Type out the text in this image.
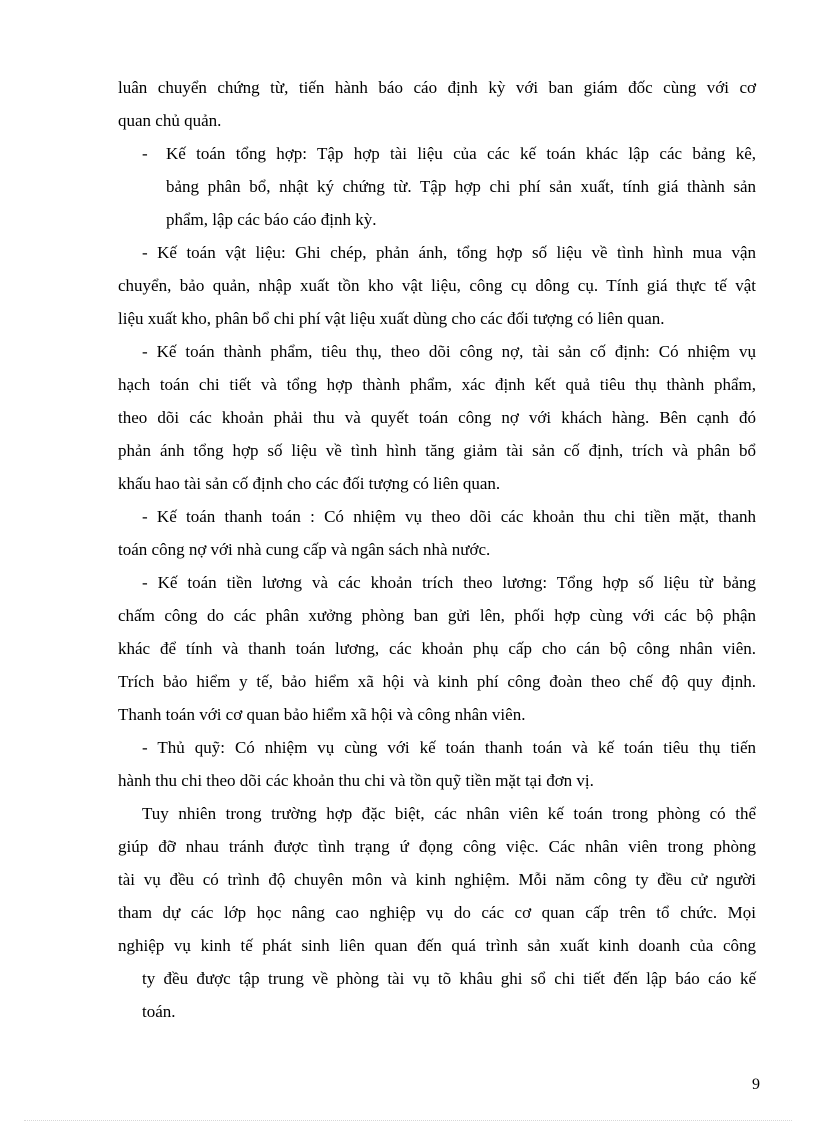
luân chuyển chứng từ, tiến hành báo cáo định kỳ với ban giám đốc cùng với cơ
quan chủ quản.
- Kế toán tổng hợp: Tập hợp tài liệu của các kế toán khác lập các bảng kê,
bảng phân bổ, nhật ký chứng từ. Tập hợp chi phí sản xuất, tính giá thành sản
phẩm, lập các báo cáo định kỳ.
- Kế toán vật liệu: Ghi chép, phản ánh, tổng hợp số liệu về tình hình mua vận
chuyển, bảo quản, nhập xuất tồn kho vật liệu, công cụ dông cụ. Tính giá thực tế vật
liệu xuất kho, phân bổ chi phí vật liệu xuất dùng cho các đối tượng có liên quan.
- Kế toán thành phẩm, tiêu thụ, theo dõi công nợ, tài sản cố định: Có nhiệm vụ
hạch toán chi tiết và tổng hợp thành phẩm, xác định kết quả tiêu thụ thành phẩm,
theo dõi các khoản phải thu và quyết toán công nợ với khách hàng. Bên cạnh đó
phản ánh tổng hợp số liệu về tình hình tăng giảm tài sản cố định, trích và phân bổ
khấu hao tài sản cố định cho các đối tượng có liên quan.
- Kế toán thanh toán : Có nhiệm vụ theo dõi các khoản thu chi tiền mặt, thanh
toán công nợ với nhà cung cấp và ngân sách nhà nước.
- Kế toán tiền lương và các khoản trích theo lương: Tổng hợp số liệu từ bảng
chấm công do các phân xưởng phòng ban gửi lên, phối hợp cùng với các bộ phận
khác để tính và thanh toán lương, các khoản phụ cấp cho cán bộ công nhân viên.
Trích bảo hiểm y tế, bảo hiểm xã hội và kinh phí công đoàn theo chế độ quy định.
Thanh toán với cơ quan bảo hiểm xã hội và công nhân viên.
- Thủ quỹ: Có nhiệm vụ cùng với kế toán thanh toán và kế toán tiêu thụ tiến
hành thu chi theo dõi các khoản thu chi và tồn quỹ tiền mặt tại đơn vị.
Tuy nhiên trong trường hợp đặc biệt, các nhân viên kế toán trong phòng có thể
giúp đỡ nhau tránh được tình trạng ứ đọng công việc. Các nhân viên trong phòng
tài vụ đều có trình độ chuyên môn và kinh nghiệm. Mỗi năm công ty đều cử người
tham dự các lớp học nâng cao nghiệp vụ do các cơ quan cấp trên tổ chức. Mọi
nghiệp vụ kinh tế phát sinh liên quan đến quá trình sản xuất kinh doanh của công
ty đều được tập trung về phòng tài vụ tõ khâu ghi sổ chi tiết đến lập báo cáo kế
toán.
9
